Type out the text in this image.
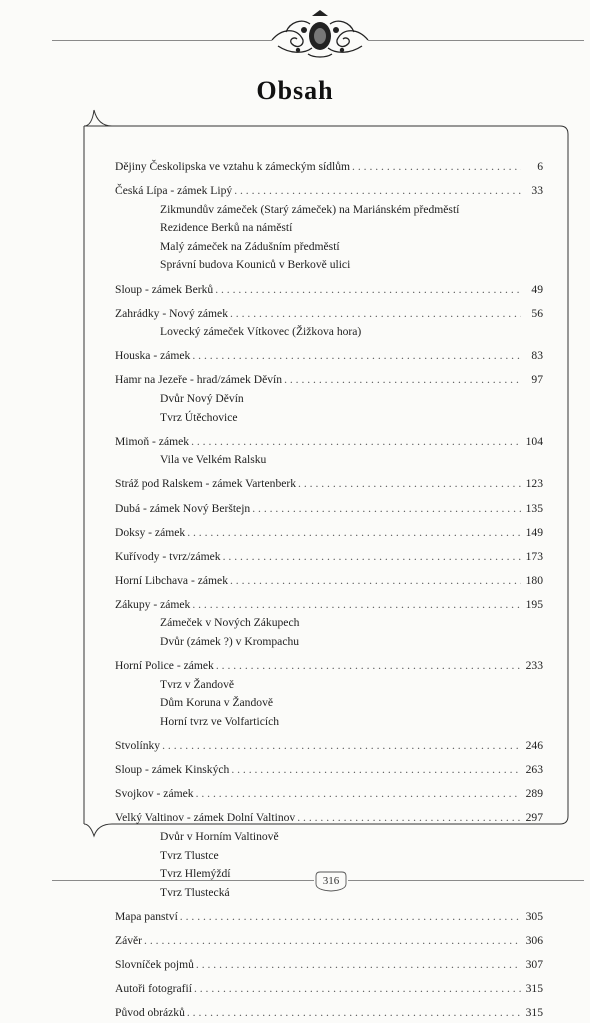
Obsah
Dějiny Českolipska ve vztahu k zámeckým sídlům . . .	6
Česká Lípa - zámek Lipý . . .	33
Zikmundův zámeček (Starý zámeček) na Mariánském předměstí
Rezidence Berků na náměstí
Malý zámeček na Zádušním předměstí
Správní budova Kouniců v Berkově ulici
Sloup - zámek Berků . . .	49
Zahrádky - Nový zámek . . .	56
Lovecký zámeček Vítkovec (Žižkova hora)
Houska - zámek . . .	83
Hamr na Jezeře - hrad/zámek Děvín . . .	97
Dvůr Nový Děvín
Tvrz Útěchovice
Mimoň - zámek . . .	104
Vila ve Velkém Ralsku
Stráž pod Ralskem - zámek Vartenberk . . .	123
Dubá - zámek Nový Berštejn . . .	135
Doksy - zámek . . .	149
Kuřívody - tvrz/zámek . . .	173
Horní Libchava - zámek . . .	180
Zákupy - zámek . . .	195
Zámeček v Nových Zákupech
Dvůr (zámek ?) v Krompachu
Horní Police - zámek . . .	233
Tvrz v Žandově
Dům Koruna v Žandově
Horní tvrz ve Volfarticích
Stvolínky . . .	246
Sloup - zámek Kinských . . .	263
Svojkov - zámek . . .	289
Velký Valtinov - zámek Dolní Valtinov . . .	297
Dvůr v Horním Valtinově
Tvrz Tlustce
Tvrz Hlemýždí
Tvrz Tlustecká
Mapa panství . . .	305
Závěr . . .	306
Slovníček pojmů . . .	307
Autoři fotografií . . .	315
Původ obrázků . . .	315
316
